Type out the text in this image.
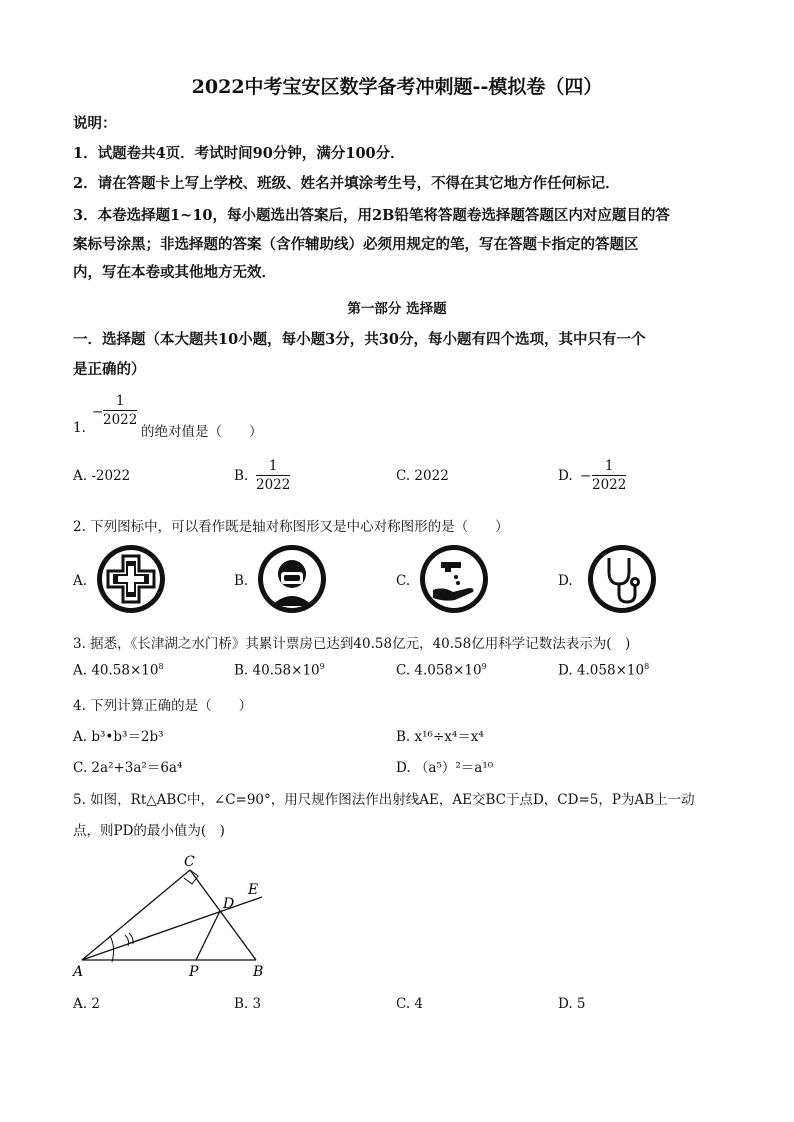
2022中考宝安区数学备考冲刺题--模拟卷（四）
说明：
1．试题卷共4页．考试时间90分钟，满分100分．
2．请在答题卡上写上学校、班级、姓名并填涂考生号，不得在其它地方作任何标记．
3．本卷选择题1~10，每小题选出答案后，用2B铅笔将答题卷选择题答题区内对应题目的答
案标号涂黑；非选择题的答案（含作辅助线）必须用规定的笔，写在答题卡指定的答题区
内，写在本卷或其他地方无效．
第一部分 选择题
一．选择题（本大题共10小题，每小题3分，共30分，每小题有四个选项，其中只有一个
是正确的）
1.
− $\frac{1}{2022}$
的绝对值是（　　）
A. -2022	B. $\frac{1}{2022}$	C. 2022	D. − $\frac{1}{2022}$
2. 下列图标中，可以看作既是轴对称图形又是中心对称图形的是（　　）
A.	B.	C.	D.
3. 据悉，《长津湖之水门桥》其累计票房已达到40.58亿元，40.58亿用科学记数法表示为(　)
A. $40.58\times 10^8$	B. $40.58\times 10^9$	C. $4.058\times 10^9$	D. $4.058\times 10^8$
4. 下列计算正确的是（　　）
A. b³•b³＝2b³	B. x¹⁶÷x⁴＝x⁴
C. 2a²+3a²＝6a⁴	D. （a⁵）²＝a¹⁰
5. 如图，Rt△ABC中，∠C=90°，用尺规作图法作出射线AE，AE交BC于点D，CD=5，P为AB上一动
点，则PD的最小值为(　)
C
D
E
A	P	B
A. 2	B. 3	C. 4	D. 5
